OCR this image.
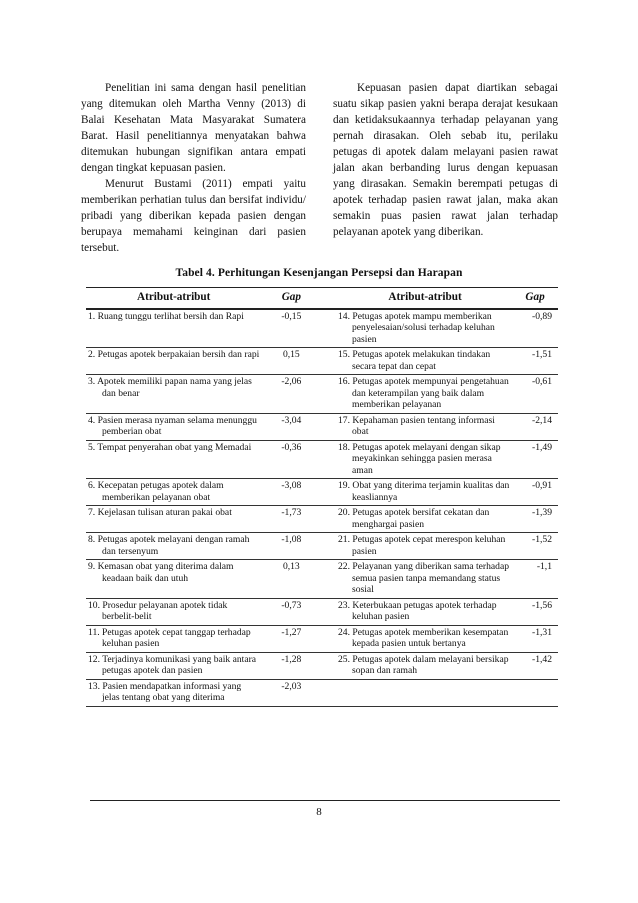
Penelitian ini sama dengan hasil penelitian yang ditemukan oleh Martha Venny (2013) di Balai Kesehatan Mata Masyarakat Sumatera Barat. Hasil penelitiannya menyatakan bahwa ditemukan hubungan signifikan antara empati dengan tingkat kepuasan pasien.

Menurut Bustami (2011) empati yaitu memberikan perhatian tulus dan bersifat individu/ pribadi yang diberikan kepada pasien dengan berupaya memahami keinginan dari pasien tersebut.

Kepuasan pasien dapat diartikan sebagai suatu sikap pasien yakni berapa derajat kesukaan dan ketidaksukaannya terhadap pelayanan yang pernah dirasakan. Oleh sebab itu, perilaku petugas di apotek dalam melayani pasien rawat jalan akan berbanding lurus dengan kepuasan yang dirasakan. Semakin berempati petugas di apotek terhadap pasien rawat jalan, maka akan semakin puas pasien rawat jalan terhadap pelayanan apotek yang diberikan.

Tabel 4. Perhitungan Kesenjangan Persepsi dan Harapan
Atribut-atribut	Gap		Atribut-atribut	Gap
1. Ruang tunggu terlihat bersih dan Rapi	-0,15		14. Petugas apotek mampu memberikan penyelesaian/solusi terhadap keluhan pasien	-0,89
2. Petugas apotek berpakaian bersih dan rapi	0,15		15. Petugas apotek melakukan tindakan secara tepat dan cepat	-1,51
3. Apotek memiliki papan nama yang jelas dan benar	-2,06		16. Petugas apotek mempunyai pengetahuan dan keterampilan yang baik dalam memberikan pelayanan	-0,61
4. Pasien merasa nyaman selama menunggu pemberian obat	-3,04		17. Kepahaman pasien tentang informasi obat	-2,14
5. Tempat penyerahan obat yang Memadai	-0,36		18. Petugas apotek melayani dengan sikap meyakinkan sehingga pasien merasa aman	-1,49
6. Kecepatan petugas apotek dalam memberikan pelayanan obat	-3,08		19. Obat yang diterima terjamin kualitas dan keasliannya	-0,91
7. Kejelasan tulisan aturan pakai obat	-1,73		20. Petugas apotek bersifat cekatan dan menghargai pasien	-1,39
8. Petugas apotek melayani dengan ramah dan tersenyum	-1,08		21. Petugas apotek cepat merespon keluhan pasien	-1,52
9. Kemasan obat yang diterima dalam keadaan baik dan utuh	0,13		22. Pelayanan yang diberikan sama terhadap semua pasien tanpa memandang status sosial	-1,1
10. Prosedur pelayanan apotek tidak berbelit-belit	-0,73		23. Keterbukaan petugas apotek terhadap keluhan pasien	-1,56
11. Petugas apotek cepat tanggap terhadap keluhan pasien	-1,27		24. Petugas apotek memberikan kesempatan kepada pasien untuk bertanya	-1,31
12. Terjadinya komunikasi yang baik antara petugas apotek dan pasien	-1,28		25. Petugas apotek dalam melayani bersikap sopan dan ramah	-1,42
13. Pasien mendapatkan informasi yang jelas tentang obat yang diterima	-2,03			
8
